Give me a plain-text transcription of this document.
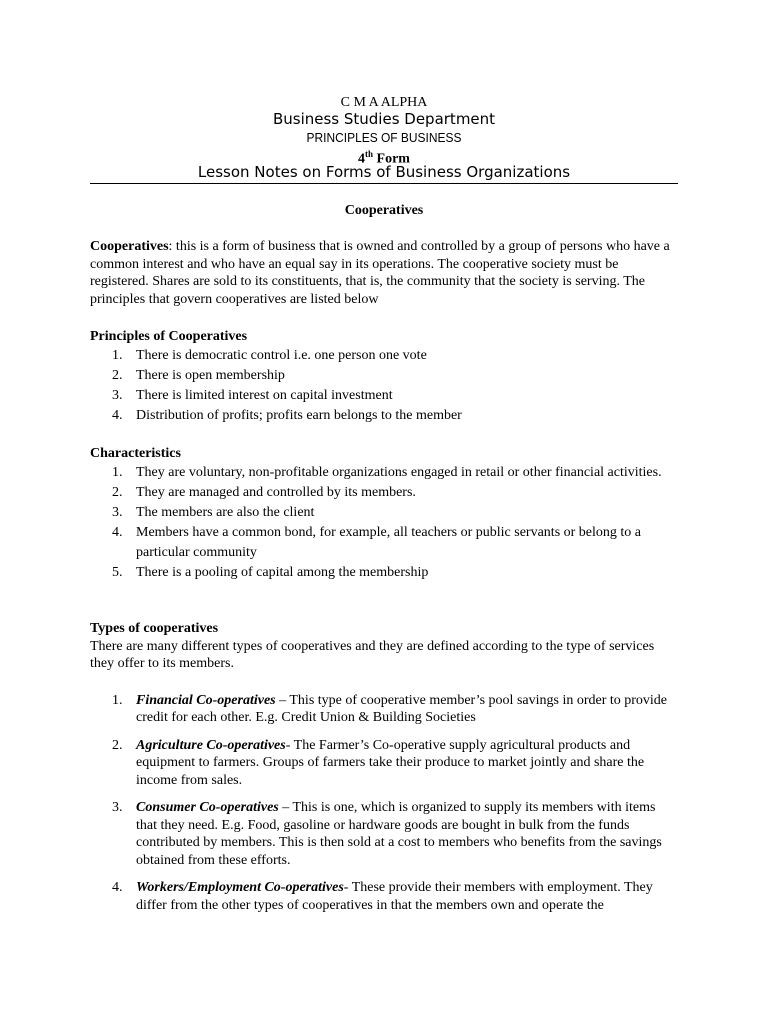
C M A ALPHA
Business Studies Department
PRINCIPLES OF BUSINESS
4th Form
Lesson Notes on Forms of Business Organizations
Cooperatives

Cooperatives: this is a form of business that is owned and controlled by a group of persons who have a common interest and who have an equal say in its operations. The cooperative society must be registered. Shares are sold to its constituents, that is, the community that the society is serving. The principles that govern cooperatives are listed below

Principles of Cooperatives

1. There is democratic control i.e. one person one vote
2. There is open membership
3. There is limited interest on capital investment
4. Distribution of profits; profits earn belongs to the member

Characteristics

1. They are voluntary, non-profitable organizations engaged in retail or other financial activities.
2. They are managed and controlled by its members.
3. The members are also the client
4. Members have a common bond, for example, all teachers or public servants or belong to a particular community
5. There is a pooling of capital among the membership

Types of cooperatives

There are many different types of cooperatives and they are defined according to the type of services they offer to its members.

1. Financial Co-operatives – This type of cooperative member’s pool savings in order to provide credit for each other. E.g. Credit Union & Building Societies
2. Agriculture Co-operatives- The Farmer’s Co-operative supply agricultural products and equipment to farmers. Groups of farmers take their produce to market jointly and share the income from sales.
3. Consumer Co-operatives – This is one, which is organized to supply its members with items that they need. E.g. Food, gasoline or hardware goods are bought in bulk from the funds contributed by members. This is then sold at a cost to members who benefits from the savings obtained from these efforts.
4. Workers/Employment Co-operatives- These provide their members with employment. They differ from the other types of cooperatives in that the members own and operate the
